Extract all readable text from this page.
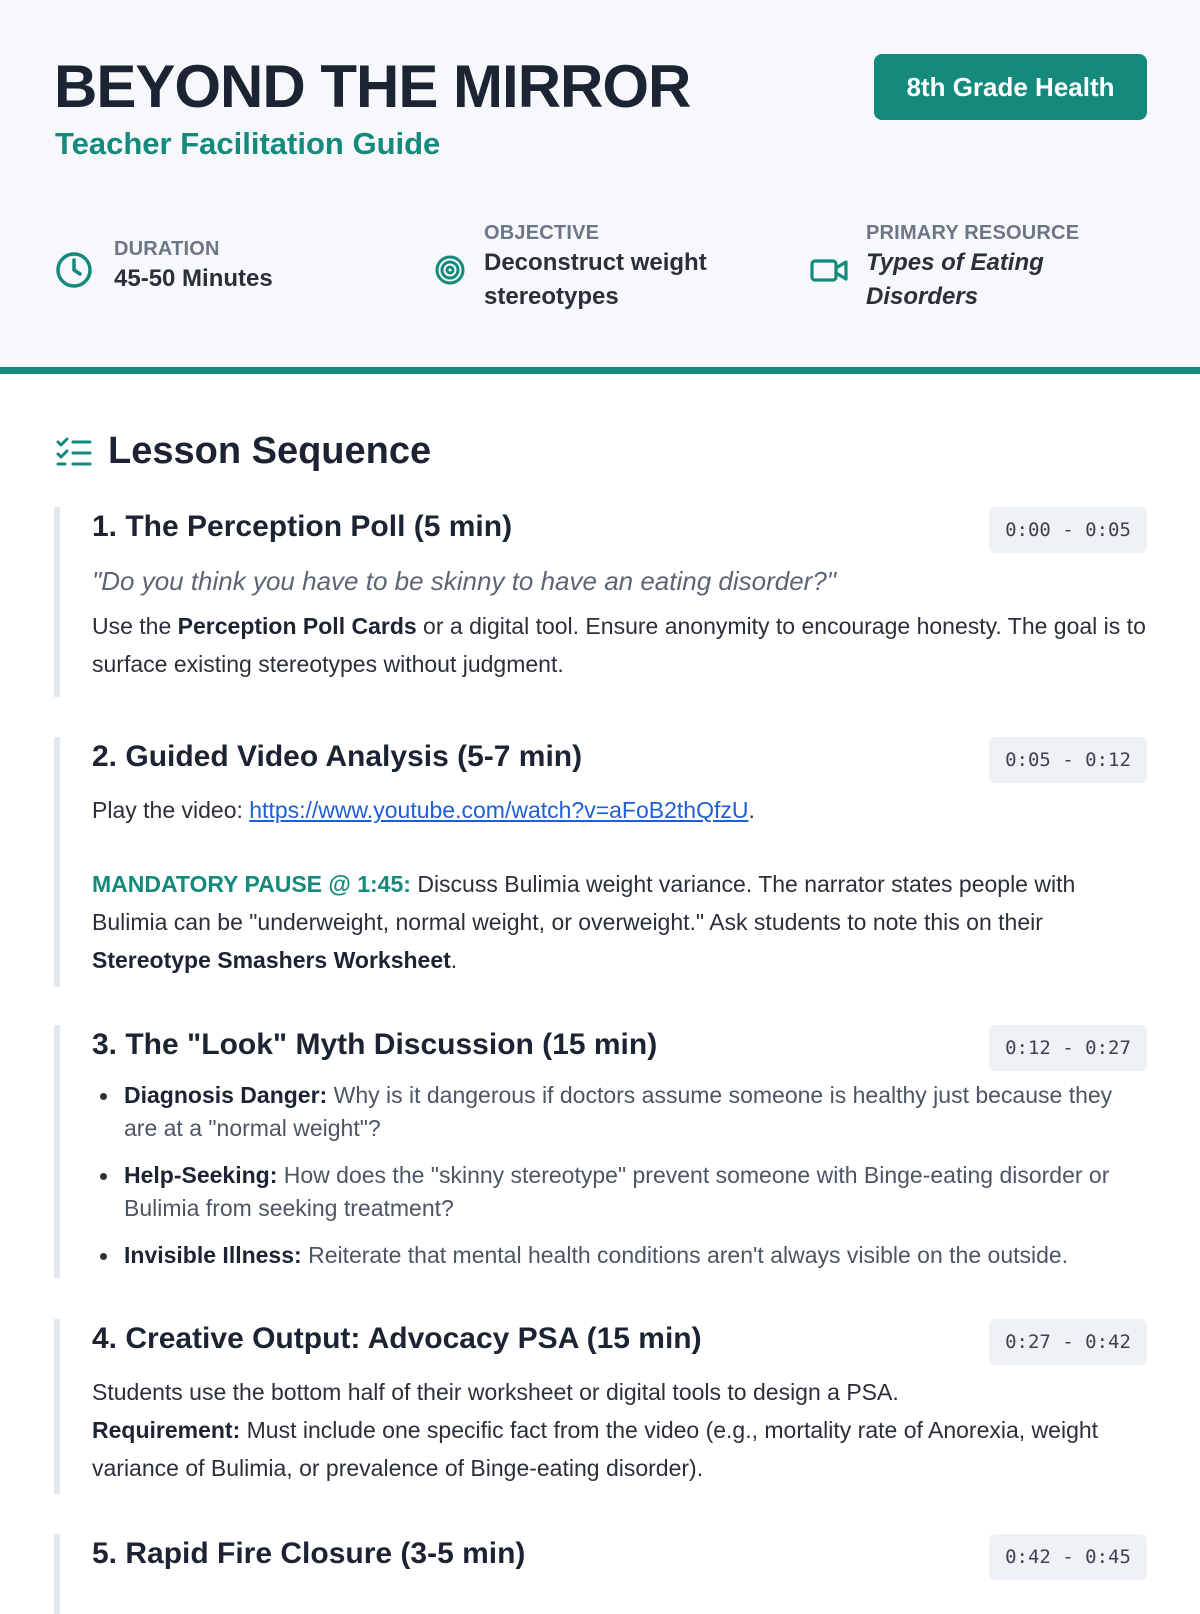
BEYOND THE MIRROR
Teacher Facilitation Guide
8th Grade Health
DURATION
45-50 Minutes
OBJECTIVE
Deconstruct weight stereotypes
PRIMARY RESOURCE
Types of Eating Disorders
Lesson Sequence
1. The Perception Poll (5 min)	0:00 - 0:05
"Do you think you have to be skinny to have an eating disorder?"

Use the Perception Poll Cards or a digital tool. Ensure anonymity to encourage honesty. The goal is to surface existing stereotypes without judgment.

2. Guided Video Analysis (5-7 min)	0:05 - 0:12

Play the video: https://www.youtube.com/watch?v=aFoB2thQfzU.

MANDATORY PAUSE @ 1:45: Discuss Bulimia weight variance. The narrator states people with Bulimia can be "underweight, normal weight, or overweight." Ask students to note this on their Stereotype Smashers Worksheet.

3. The "Look" Myth Discussion (15 min)	0:12 - 0:27
Diagnosis Danger: Why is it dangerous if doctors assume someone is healthy just because they are at a "normal weight"?
Help-Seeking: How does the "skinny stereotype" prevent someone with Binge-eating disorder or Bulimia from seeking treatment?
Invisible Illness: Reiterate that mental health conditions aren't always visible on the outside.
4. Creative Output: Advocacy PSA (15 min)	0:27 - 0:42

Students use the bottom half of their worksheet or digital tools to design a PSA.
Requirement: Must include one specific fact from the video (e.g., mortality rate of Anorexia, weight variance of Bulimia, or prevalence of Binge-eating disorder).

5. Rapid Fire Closure (3-5 min)	0:42 - 0:45
